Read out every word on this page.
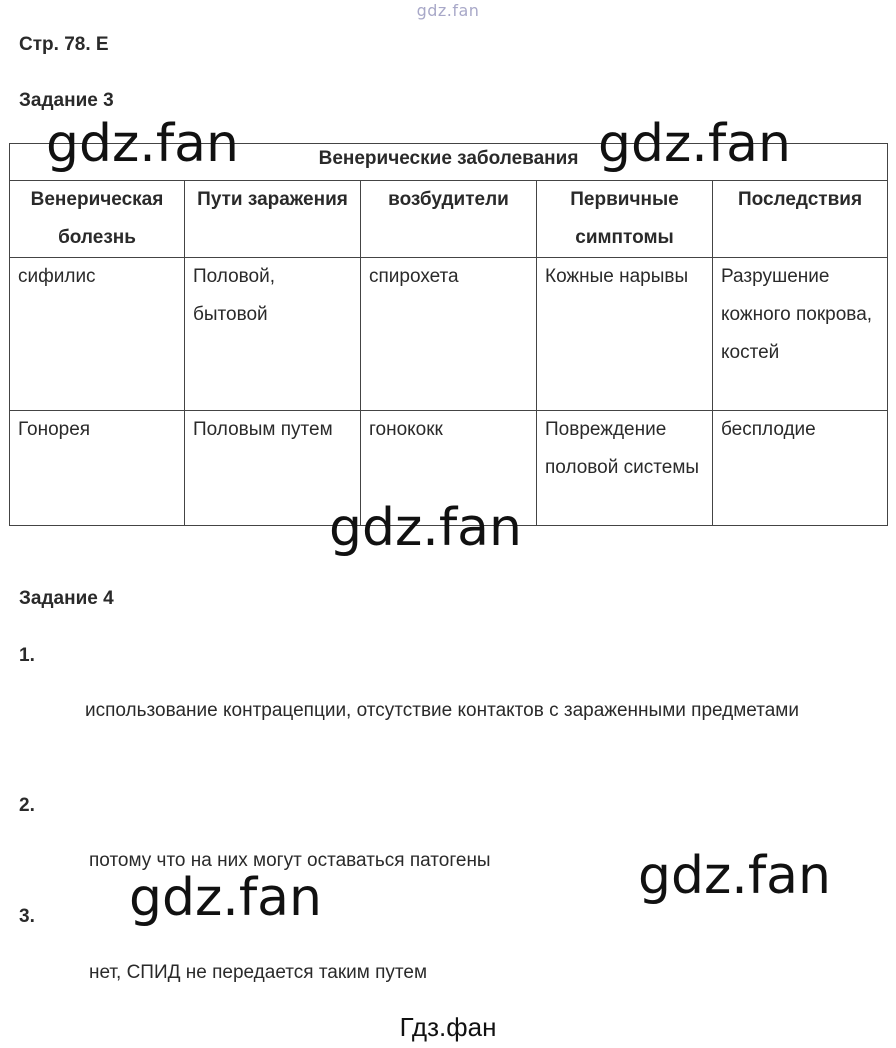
gdz.fan
Стр. 78. Е
Задание 3
Венерические заболевания				
Венерическая болезнь	Пути заражения	возбудители	Первичные симптомы	Последствия
сифилис	Половой, бытовой	спирохета	Кожные нарывы	Разрушение кожного покрова, костей
Гонорея	Половым путем	гонококк	Повреждение половой системы	бесплодие
Задание 4
1.
использование контрацепции, отсутствие контактов с зараженными предметами
2.
потому что на них могут оставаться патогены
3.
нет, СПИД не передается таким путем
gdz.fan	gdz.fan
gdz.fan
gdz.fan
gdz.fan
Гдз.фан
